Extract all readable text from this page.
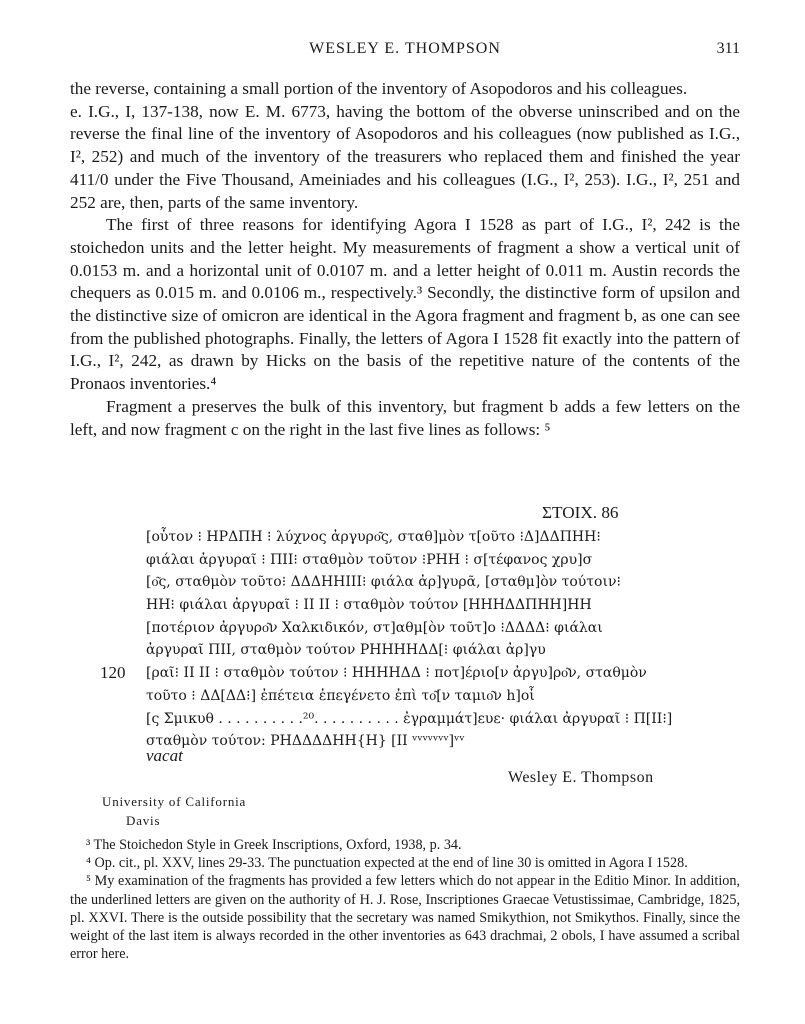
WESLEY E. THOMPSON	311

the reverse, containing a small portion of the inventory of Asopodoros and his colleagues.

e. I.G., I, 137-138, now E. M. 6773, having the bottom of the obverse uninscribed and on the reverse the final line of the inventory of Asopodoros and his colleagues (now published as I.G., I², 252) and much of the inventory of the treasurers who replaced them and finished the year 411/0 under the Five Thousand, Ameiniades and his colleagues (I.G., I², 253). I.G., I², 251 and 252 are, then, parts of the same inventory.

The first of three reasons for identifying Agora I 1528 as part of I.G., I², 242 is the stoichedon units and the letter height. My measurements of fragment a show a vertical unit of 0.0153 m. and a horizontal unit of 0.0107 m. and a letter height of 0.011 m. Austin records the chequers as 0.015 m. and 0.0106 m., respectively.³ Secondly, the distinctive form of upsilon and the distinctive size of omicron are identical in the Agora fragment and fragment b, as one can see from the published photographs. Finally, the letters of Agora I 1528 fit exactly into the pattern of I.G., I², 242, as drawn by Hicks on the basis of the repetitive nature of the contents of the Pronaos inventories.⁴

Fragment a preserves the bulk of this inventory, but fragment b adds a few letters on the left, and now fragment c on the right in the last five lines as follows: ⁵

ΣΤΟΙΧ. 86
[οὗτον ⁝ ΗΡΔΠΗ ⁝ λύχνος ἀργυρο͂ς, σταθ]μὸν τ[οῦτο ⁝Δ]ΔΔΠΗΗ⁝
φιάλαι ἀργυραῖ ⁝ ΠΙΙ⁝ σταθμὸν τοῦτον ⁝ΡΗΗ ⁝ σ[τέφανος χρυ]σ
[ο͂ς, σταθμὸν τοῦτο⁝ ΔΔΔΗΗΙΙΙ⁝ φιάλα ἀρ]γυρᾶ, [σταθμ]ὸν τούτοιν⁝
ΗΗ⁝ φιάλαι ἀργυραῖ ⁝ ΙΙ ΙΙ ⁝ σταθμὸν τούτον [ΗΗΗΔΔΠΗΗ]ΗΗ
[ποτέριον ἀργυρο͂ν Χαλκιδικόν, στ]αθμ[ὸν τοῦτ]ο ⁝ΔΔΔΔ⁝ φιάλαι
ἀργυραῖ ΠΙΙ, σταθμὸν τούτον ΡΗΗΗΗΔΔ[⁝ φιάλαι ἀρ]γυ
120 [ραῖ⁝ ΙΙ ΙΙ ⁝ σταθμὸν τούτον ⁝ ΗΗΗΗΔΔ ⁝ ποτ]έριο[ν ἀργυ]ρο͂ν, σταθμὸν
τοῦτο ⁝ ΔΔ[ΔΔ⁝] ἐπέτεια ἐπεγένετο ἐπὶ το͂[ν ταμιο͂ν h]οἷ
[ς Σμικυθ . . . . . . . . . .²⁰. . . . . . . . . . ἐγραμμάτ]ευε· φιάλαι ἀργυραῖ ⁝ Π[ΙΙ⁝]
σταθμὸν τούτον: ΡΗΔΔΔΔΗΗ{Η} [ΙΙ ᵛᵛᵛᵛᵛᵛᵛ]ᵛᵛ
vacat
Wesley E. Thompson
University of California
Davis

³ The Stoichedon Style in Greek Inscriptions, Oxford, 1938, p. 34.

⁴ Op. cit., pl. XXV, lines 29-33. The punctuation expected at the end of line 30 is omitted in Agora I 1528.

⁵ My examination of the fragments has provided a few letters which do not appear in the Editio Minor. In addition, the underlined letters are given on the authority of H. J. Rose, Inscriptiones Graecae Vetustissimae, Cambridge, 1825, pl. XXVI. There is the outside possibility that the secretary was named Smikythion, not Smikythos. Finally, since the weight of the last item is always recorded in the other inventories as 643 drachmai, 2 obols, I have assumed a scribal error here.
